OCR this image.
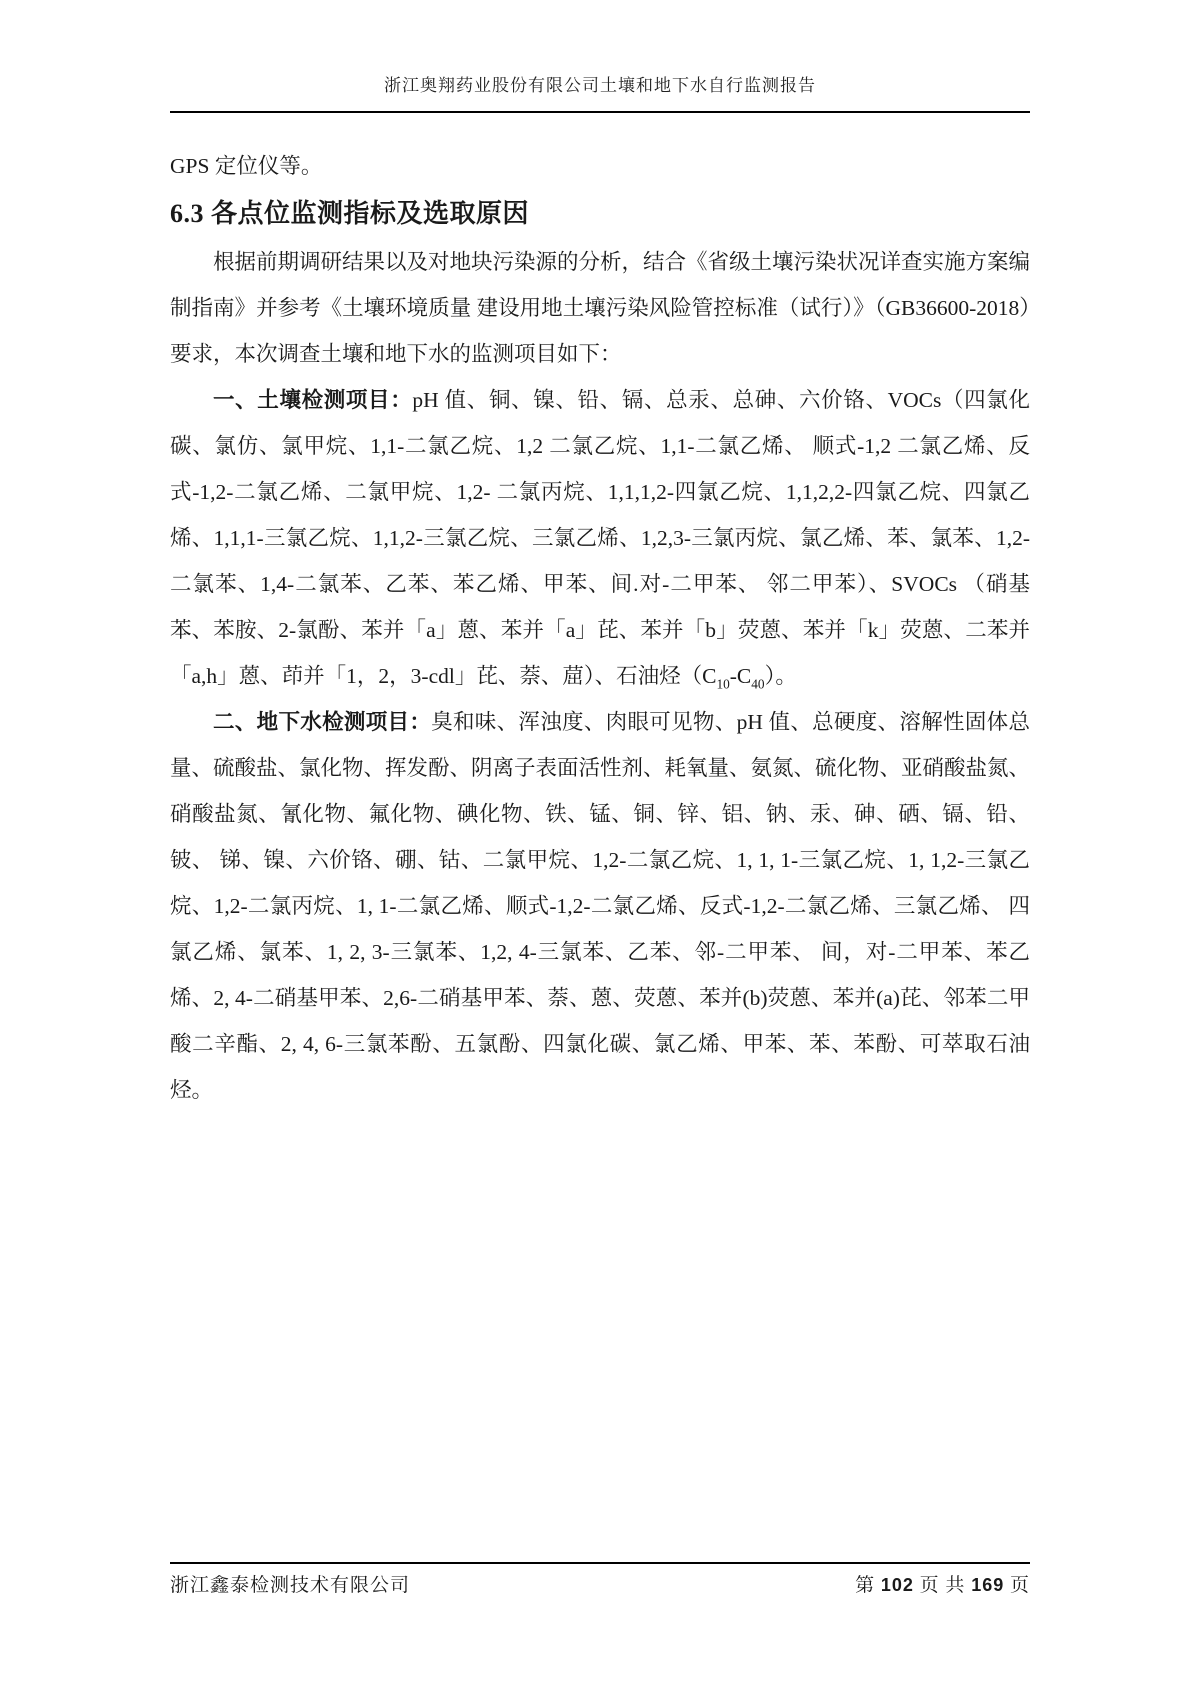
浙江奥翔药业股份有限公司土壤和地下水自行监测报告

GPS 定位仪等。

6.3 各点位监测指标及选取原因

根据前期调研结果以及对地块污染源的分析，结合《省级土壤污染状况详查实施方案编制指南》并参考《土壤环境质量 建设用地土壤污染风险管控标准（试行）》（GB36600-2018）要求，本次调查土壤和地下水的监测项目如下：

一、土壤检测项目：pH 值、铜、镍、铅、镉、总汞、总砷、六价铬、VOCs（四氯化碳、氯仿、氯甲烷、1,1-二氯乙烷、1,2 二氯乙烷、1,1-二氯乙烯、 顺式-1,2 二氯乙烯、反式-1,2-二氯乙烯、二氯甲烷、1,2- 二氯丙烷、1,1,1,2-四氯乙烷、1,1,2,2-四氯乙烷、四氯乙烯、1,1,1-三氯乙烷、1,1,2-三氯乙烷、三氯乙烯、1,2,3-三氯丙烷、氯乙烯、苯、氯苯、1,2-二氯苯、1,4-二氯苯、乙苯、苯乙烯、甲苯、间.对-二甲苯、 邻二甲苯）、SVOCs （硝基苯、苯胺、2-氯酚、苯并「a」蒽、苯并「a」芘、苯并「b」荧蒽、苯并「k」荧蒽、二苯并「a,h」蒽、茚并「1，2，3-cdl」芘、萘、䓛）、石油烃$(C_{10}-C_{40})$。

二、地下水检测项目：臭和味、浑浊度、肉眼可见物、pH 值、总硬度、溶解性固体总量、硫酸盐、氯化物、挥发酚、阴离子表面活性剂、耗氧量、氨氮、硫化物、亚硝酸盐氮、硝酸盐氮、氰化物、氟化物、碘化物、铁、锰、铜、锌、铝、钠、汞、砷、硒、镉、铅、铍、 锑、镍、六价铬、硼、钴、二氯甲烷、1,2-二氯乙烷、1, 1, 1-三氯乙烷、1, 1,2-三氯乙烷、1,2-二氯丙烷、1, 1-二氯乙烯、顺式-1,2-二氯乙烯、反式-1,2-二氯乙烯、三氯乙烯、 四氯乙烯、氯苯、1, 2, 3-三氯苯、1,2, 4-三氯苯、乙苯、邻-二甲苯、 间，对-二甲苯、苯乙烯、2, 4-二硝基甲苯、2,6-二硝基甲苯、萘、蒽、荧蒽、苯并(b)荧蒽、苯并(a)芘、邻苯二甲酸二辛酯、2, 4, 6-三氯苯酚、五氯酚、四氯化碳、氯乙烯、甲苯、苯、苯酚、可萃取石油烃。

浙江鑫泰检测技术有限公司	第 102 页 共 169 页
